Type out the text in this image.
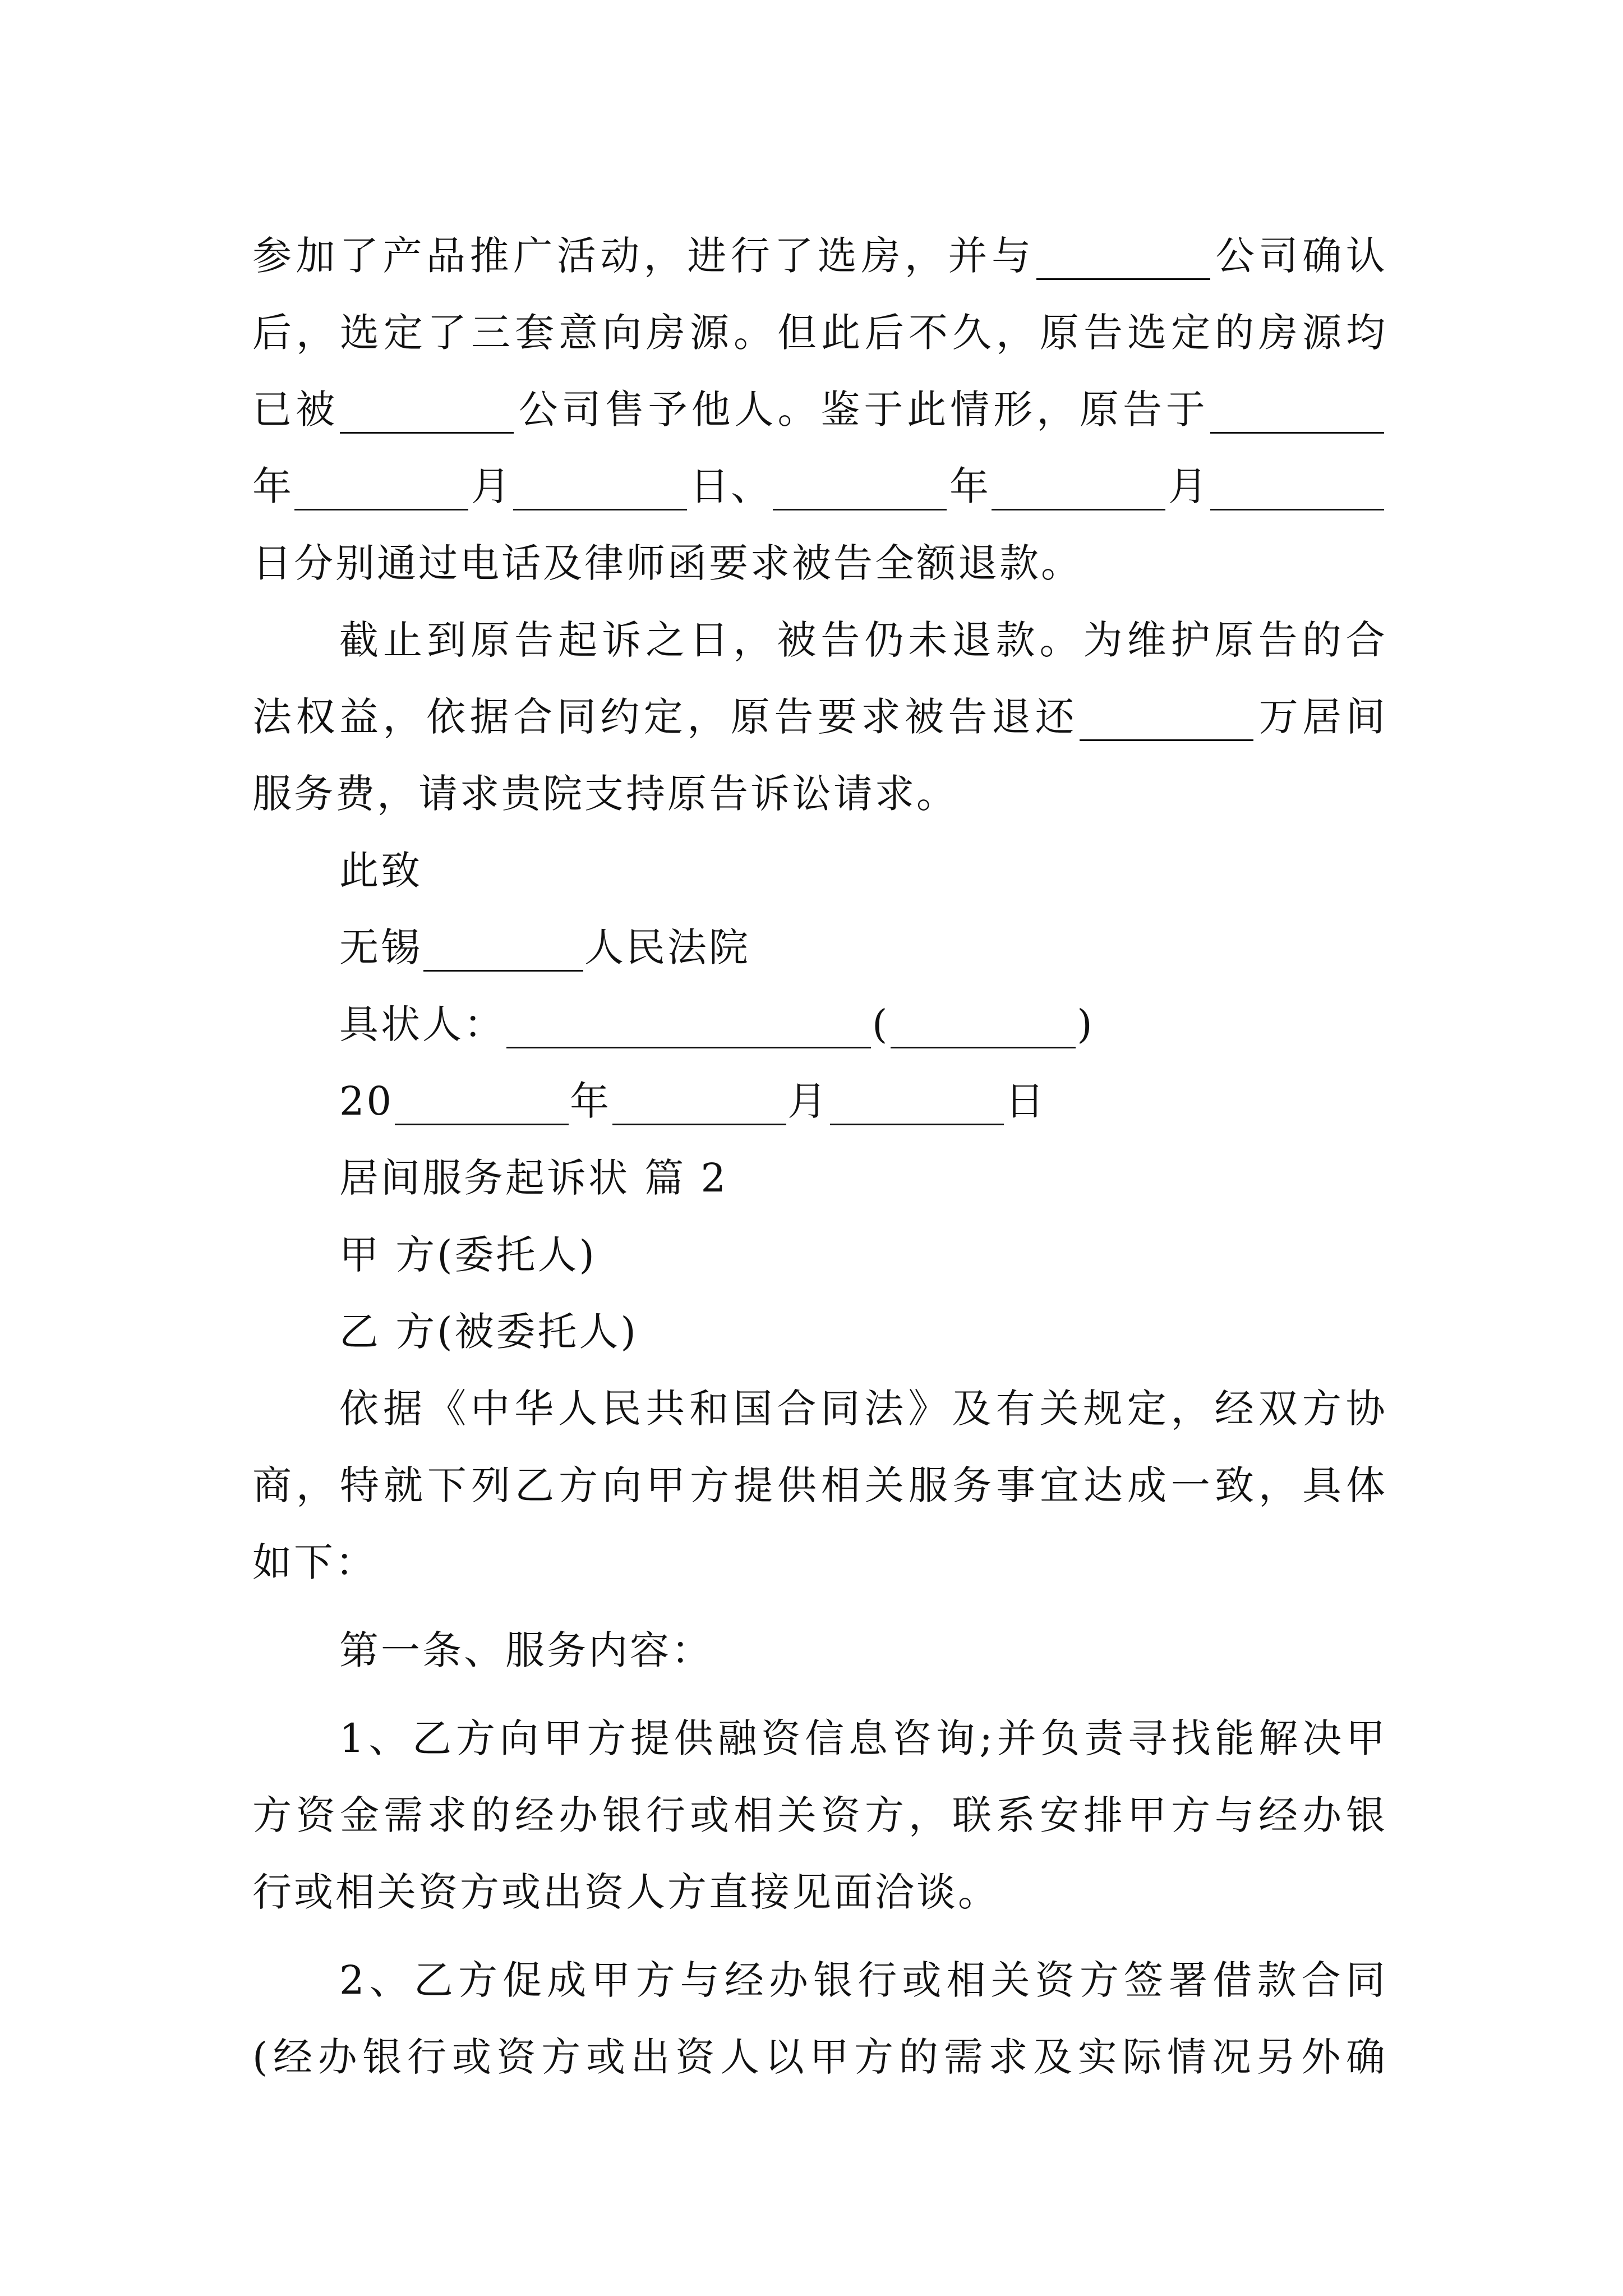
参 加 了 产 品 推 广 活 动 ， 进 行 了 选 房 ， 并 与	公 司 确 认
后 ， 选 定 了 三 套 意 向 房 源 。 但 此 后 不 久 ， 原 告 选 定 的 房 源 均
已 被	公 司 售 予 他 人 。 鉴 于 此 情 形 ， 原 告 于
年	月	日 、	年	月
日 分 别 通 过 电 话 及 律 师 函 要 求 被 告 全 额 退 款 。
截 止 到 原 告 起 诉 之 日 ， 被 告 仍 未 退 款 。 为 维 护 原 告 的 合
法 权 益 ， 依 据 合 同 约 定 ， 原 告 要 求 被 告 退 还	万 居 间
服 务 费 ， 请 求 贵 院 支 持 原 告 诉 讼 请 求 。
此致
无锡	人民法院
具状人：	(	)
20	年	月	日
居间服务起诉状 篇 2
甲 方(委托人)
乙 方(被委托人)
依 据 《 中 华 人 民 共 和 国 合 同 法 》 及 有 关 规 定 ， 经 双 方 协
商 ， 特 就 下 列 乙 方 向 甲 方 提 供 相 关 服 务 事 宜 达 成 一 致 ， 具 体
如 下 ：
第一条、服务内容：
1 、 乙 方 向 甲 方 提 供 融 资 信 息 咨 询 ; 并 负 责 寻 找 能 解 决 甲
方 资 金 需 求 的 经 办 银 行 或 相 关 资 方 ， 联 系 安 排 甲 方 与 经 办 银
行 或 相 关 资 方 或 出 资 人 方 直 接 见 面 洽 谈 。
2 、 乙 方 促 成 甲 方 与 经 办 银 行 或 相 关 资 方 签 署 借 款 合 同
( 经 办 银 行 或 资 方 或 出 资 人 以 甲 方 的 需 求 及 实 际 情 况 另 外 确
